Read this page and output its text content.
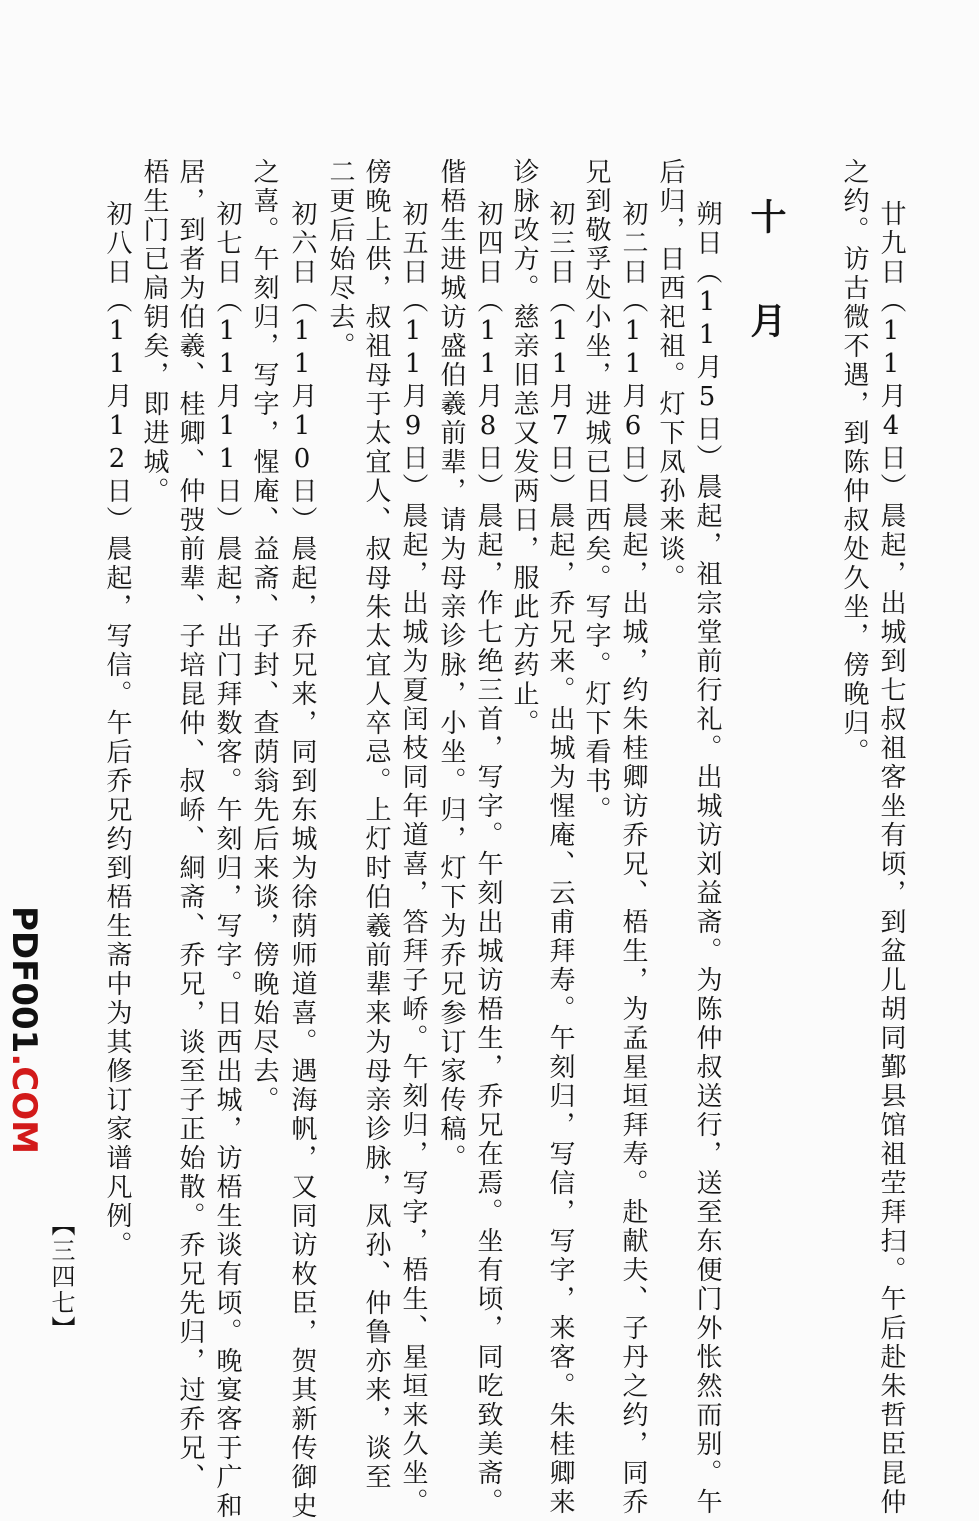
廿九日（11月4日）晨起，出城到七叔祖客坐有顷，到盆儿胡同鄞县馆祖茔拜扫。午后赴朱哲臣昆仲
之约。访古微不遇，到陈仲叔处久坐，傍晚归。
十　月
朔日（11月5日）晨起，祖宗堂前行礼。出城访刘益斋。为陈仲叔送行，送至东便门外怅然而别。午
后归，日西祀祖。灯下凤孙来谈。
初二日（11月6日）晨起，出城，约朱桂卿访乔兄、梧生，为孟星垣拜寿。赴献夫、子丹之约，同乔
兄到敬孚处小坐，进城已日西矣。写字。灯下看书。
初三日（11月7日）晨起，乔兄来。出城为惺庵、云甫拜寿。午刻归，写信，写字，来客。朱桂卿来
诊脉改方。慈亲旧恙又发两日，服此方药止。
初四日（11月8日）晨起，作七绝三首，写字。午刻出城访梧生，乔兄在焉。坐有顷，同吃致美斋。
偕梧生进城访盛伯羲前辈，请为母亲诊脉，小坐。归，灯下为乔兄参订家传稿。
初五日（11月9日）晨起，出城为夏闰枝同年道喜，答拜子峤。午刻归，写字，梧生、星垣来久坐。
傍晚上供，叔祖母于太宜人、叔母朱太宜人卒忌。上灯时伯羲前辈来为母亲诊脉，凤孙、仲鲁亦来，谈至
二更后始尽去。
初六日（11月10日）晨起，乔兄来，同到东城为徐荫师道喜。遇海帆，又同访枚臣，贺其新传御史
之喜。午刻归，写字，惺庵、益斋、子封、查荫翁先后来谈，傍晚始尽去。
初七日（11月11日）晨起，出门拜数客。午刻归，写字。日西出城，访梧生谈有顷。晚宴客于广和
居，到者为伯羲、桂卿、仲弢前辈、子培昆仲、叔峤、絅斋、乔兄，谈至子正始散。乔兄先归，过乔兄、
梧生门已扃钥矣，即进城。
初八日（11月12日）晨起，写信。午后乔兄约到梧生斋中为其修订家谱凡例。
【三四七】
PDF001.COM
